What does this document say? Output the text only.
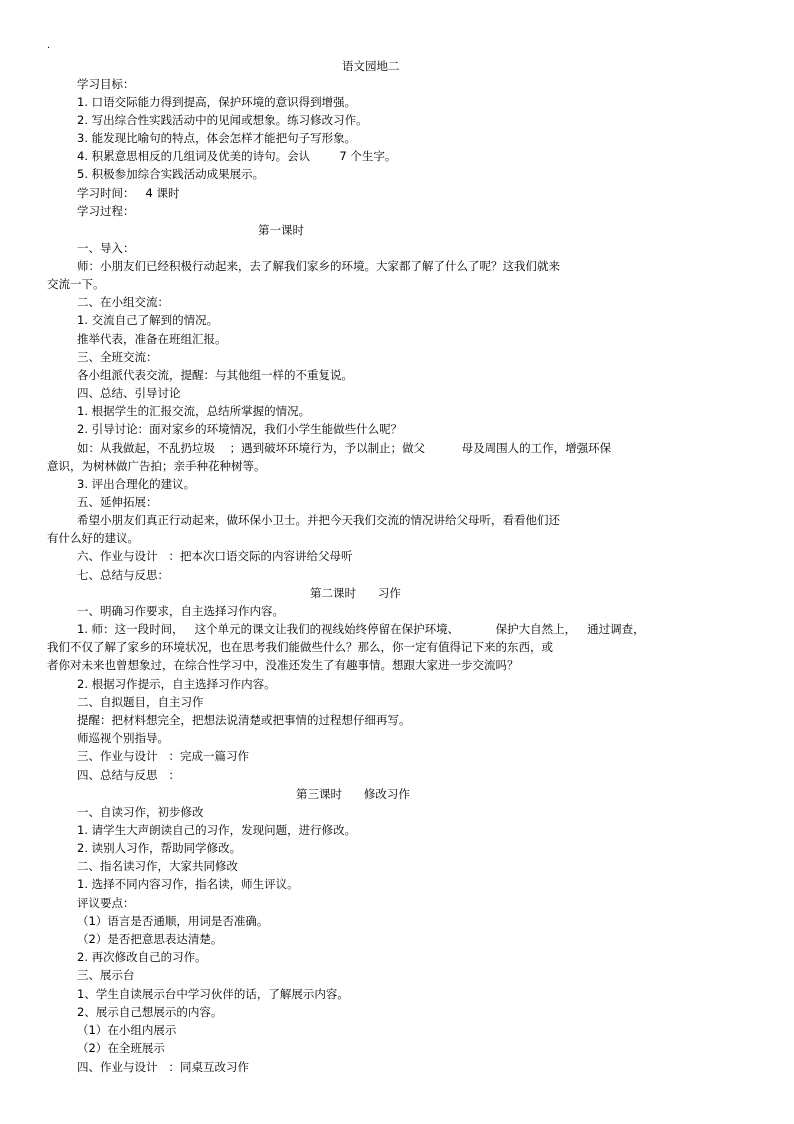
.
语文园地二
学习目标：
1. 口语交际能力得到提高，保护环境的意识得到增强。
2. 写出综合性实践活动中的见闻或想象。练习修改习作。
3. 能发现比喻句的特点，体会怎样才能把句子写形象。
4. 积累意思相反的几组词及优美的诗句。会认        7 个生字。
5. 积极参加综合实践活动成果展示。
学习时间：   4 课时
学习过程：
第一课时
一、导入：
师：小朋友们已经积极行动起来，去了解我们家乡的环境。大家都了解了什么了呢？这我们就来
交流一下。
二、在小组交流：
1. 交流自己了解到的情况。
推举代表，准备在班组汇报。
三、全班交流：
各小组派代表交流，提醒：与其他组一样的不重复说。
四、总结、引导讨论
1. 根据学生的汇报交流，总结所掌握的情况。
2. 引导讨论：面对家乡的环境情况，我们小学生能做些什么呢？
如：从我做起，不乱扔垃圾    ；遇到破坏环境行为，予以制止；做父          母及周围人的工作，增强环保
意识，为树林做广告拍；亲手种花种树等。
3. 评出合理化的建议。
五、延伸拓展：
希望小朋友们真正行动起来，做环保小卫士。并把今天我们交流的情况讲给父母听，看看他们还
有什么好的建议。
六、作业与设计   ：把本次口语交际的内容讲给父母听
七、总结与反思：
第二课时      习作
一、明确习作要求，自主选择习作内容。
1. 师：这一段时间，   这个单元的课文让我们的视线始终停留在保护环境、          保护大自然上，   通过调查，
我们不仅了解了家乡的环境状况，也在思考我们能做些什么？那么，你一定有值得记下来的东西，或
者你对未来也曾想象过，在综合性学习中，没准还发生了有趣事情。想跟大家进一步交流吗？
2. 根据习作提示，自主选择习作内容。
二、自拟题目，自主习作
提醒：把材料想完全，把想法说清楚或把事情的过程想仔细再写。
师巡视个别指导。
三、作业与设计   ：完成一篇习作
四、总结与反思   ：
第三课时      修改习作
一、自读习作，初步修改
1. 请学生大声朗读自己的习作，发现问题，进行修改。
2. 读别人习作，帮助同学修改。
二、指名读习作，大家共同修改
1. 选择不同内容习作，指名读，师生评议。
评议要点：
（1）语言是否通顺，用词是否准确。
（2）是否把意思表达清楚。
2. 再次修改自己的习作。
三、展示台
1、学生自读展示台中学习伙伴的话，了解展示内容。
2、展示自己想展示的内容。
（1）在小组内展示
（2）在全班展示
四、作业与设计   ：同桌互改习作
